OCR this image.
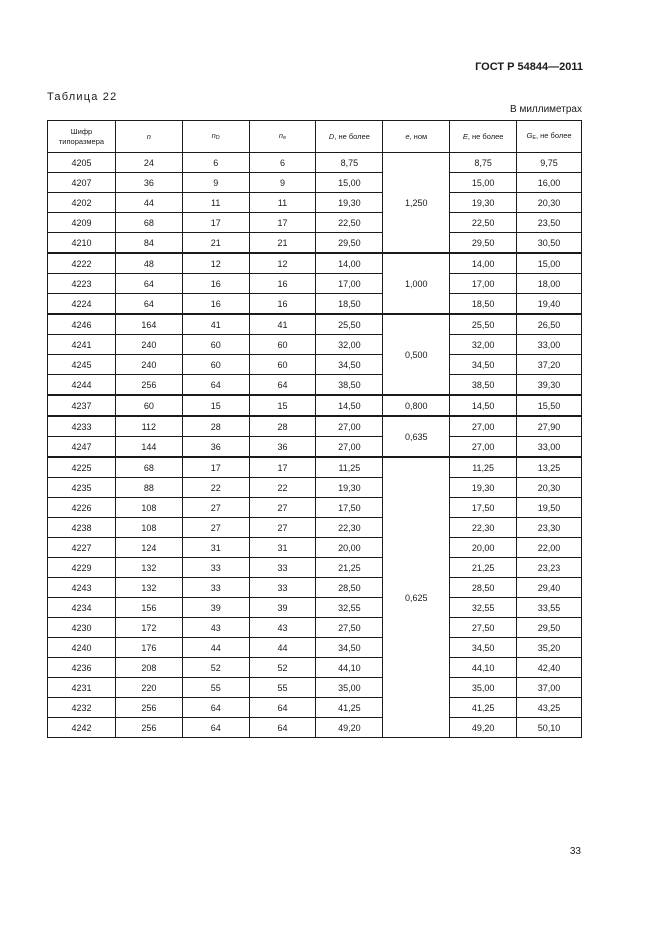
ГОСТ Р 54844—2011
Таблица 22
В миллиметрах
Шифр
типоразмера	n	$n_D$	$n_e$	D, не более	e, ном	E, не более	$G_E$, не более
4205	24	6	6	8,75	1,250	8,75	9,75
4207	36	9	9	15,00		15,00	16,00
4202	44	11	11	19,30		19,30	20,30
4209	68	17	17	22,50		22,50	23,50
4210	84	21	21	29,50		29,50	30,50
4222	48	12	12	14,00	1,000	14,00	15,00
4223	64	16	16	17,00		17,00	18,00
4224	64	16	16	18,50		18,50	19,40
4246	164	41	41	25,50	0,500	25,50	26,50
4241	240	60	60	32,00		32,00	33,00
4245	240	60	60	34,50		34,50	37,20
4244	256	64	64	38,50		38,50	39,30
4237	60	15	15	14,50	0,800	14,50	15,50
4233	112	28	28	27,00	0,635	27,00	27,90
4247	144	36	36	27,00		27,00	33,00
4225	68	17	17	11,25	0,625	11,25	13,25
4235	88	22	22	19,30		19,30	20,30
4226	108	27	27	17,50		17,50	19,50
4238	108	27	27	22,30		22,30	23,30
4227	124	31	31	20,00		20,00	22,00
4229	132	33	33	21,25		21,25	23,23
4243	132	33	33	28,50		28,50	29,40
4234	156	39	39	32,55		32,55	33,55
4230	172	43	43	27,50		27,50	29,50
4240	176	44	44	34,50		34,50	35,20
4236	208	52	52	44,10		44,10	42,40
4231	220	55	55	35,00		35,00	37,00
4232	256	64	64	41,25		41,25	43,25
4242	256	64	64	49,20		49,20	50,10
33
